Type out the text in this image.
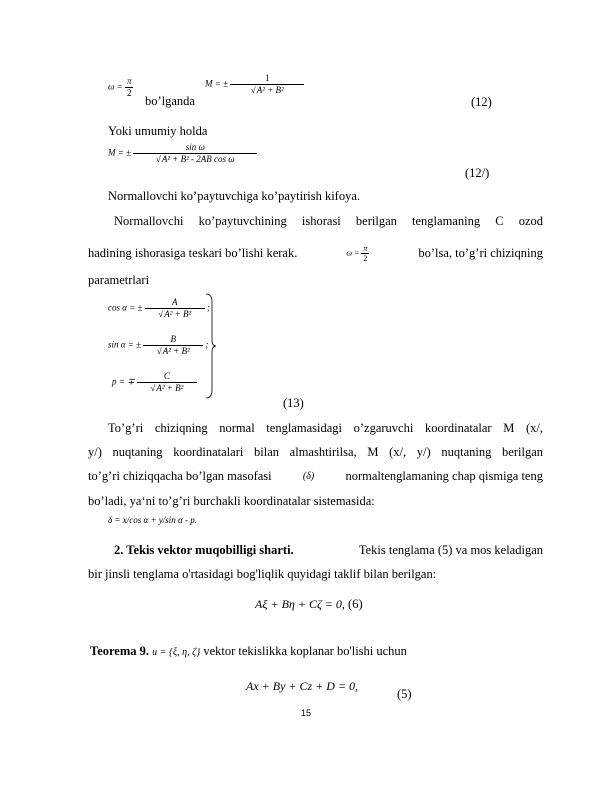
$\omega = \frac{\pi}{2}$
bo’lganda
M = ± $\frac{1}{\text{√A² + B²}}$
(12)
Yoki umumiy holda
M = ± $\frac{\text{sin ω}}{\text{√A² + B² - 2AB cos ω}}$
(12/)
Normallovchi ko’paytuvchiga ko’paytirish kifoya.
Normallovchi ko’paytuvchining ishorasi berilgan tenglamaning C ozod
hadining ishorasiga teskari bo’lishi kerak.	$\omega = \frac{\pi}{2}$	bo’lsa, to’g’ri chiziqning
parametrlari
cos α = ± $\frac{A}{\text{√A² + B²}}$ ;
sin α = ± $\frac{B}{\text{√A² + B²}}$ ;
p = ∓ $\frac{C}{\text{√A² + B²}}$
(13)
To’g’ri chiziqning normal tenglamasidagi o’zgaruvchi koordinatalar M (x/,
y/) nuqtaning koordinatalari bilan almashtirilsa, M (x/, y/) nuqtaning berilgan
to’g’ri chiziqqacha bo’lgan masofasi	(δ)	normaltenglamaning chap qismiga teng
bo’ladi, ya‘ni to’g’ri burchakli koordinatalar sistemasida:
δ = x/cos α + y/sin α - p.
2. Tekis vektor muqobilligi sharti.	Tekis tenglama (5) va mos keladigan
bir jinsli tenglama o'rtasidagi bog'liqlik quyidagi taklif bilan berilgan:
Aξ + Bη + Cζ = 0, (6)
Teorema 9. u = {ξ, η, ζ} vektor tekislikka koplanar bo'lishi uchun
Ax + By + Cz + D = 0,
(5)
15
